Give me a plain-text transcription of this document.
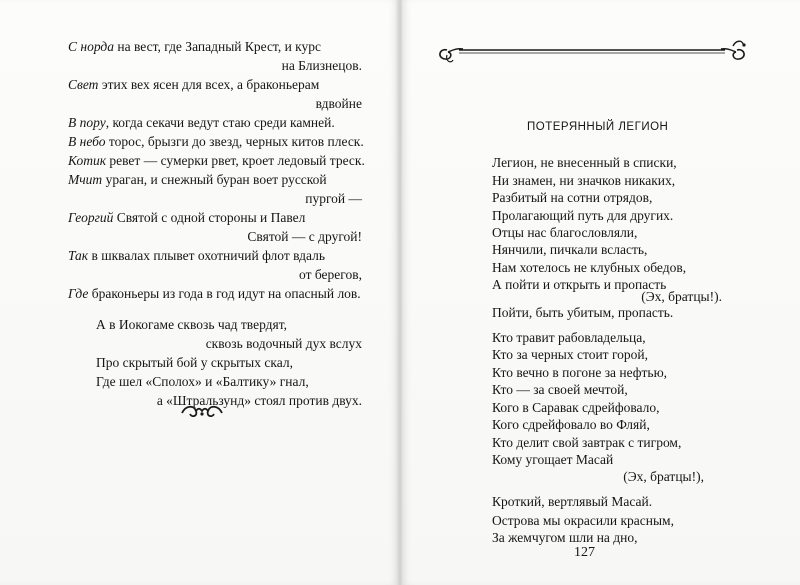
С норда на вест, где Западный Крест, и курс
на Близнецов.
Свет этих вех ясен для всех, а браконьерам
вдвойне
В пору, когда секачи ведут стаю среди камней.
В небо торос, брызги до звезд, черных китов плеск.
Котик ревет — сумерки рвет, кроет ледовый треск.
Мчит ураган, и снежный буран воет русской
пургой —
Георгий Святой с одной стороны и Павел
Святой — с другой!
Так в шквалах плывет охотничий флот вдаль
от берегов,
Где браконьеры из года в год идут на опасный лов.
А в Иокогаме сквозь чад твердят,
сквозь водочный дух вслух
Про скрытый бой у скрытых скал,
Где шел «Сполох» и «Балтику» гнал,
а «Штральзунд» стоял против двух.
ПОТЕРЯННЫЙ ЛЕГИОН
Легион, не внесенный в списки,
Ни знамен, ни значков никаких,
Разбитый на сотни отрядов,
Пролагающий путь для других.
Отцы нас благословляли,
Нянчили, пичкали всласть,
Нам хотелось не клубных обедов,
А пойти и открыть и пропасть
(Эх, братцы!).
Пойти, быть убитым, пропасть.
Кто травит рабовладельца,
Кто за черных стоит горой,
Кто вечно в погоне за нефтью,
Кто — за своей мечтой,
Кого в Саравак сдрейфовало,
Кого сдрейфовало во Фляй,
Кто делит свой завтрак с тигром,
Кому угощает Масай
(Эх, братцы!),
Кроткий, вертлявый Масай.
Острова мы окрасили красным,
127
За жемчугом шли на дно,
